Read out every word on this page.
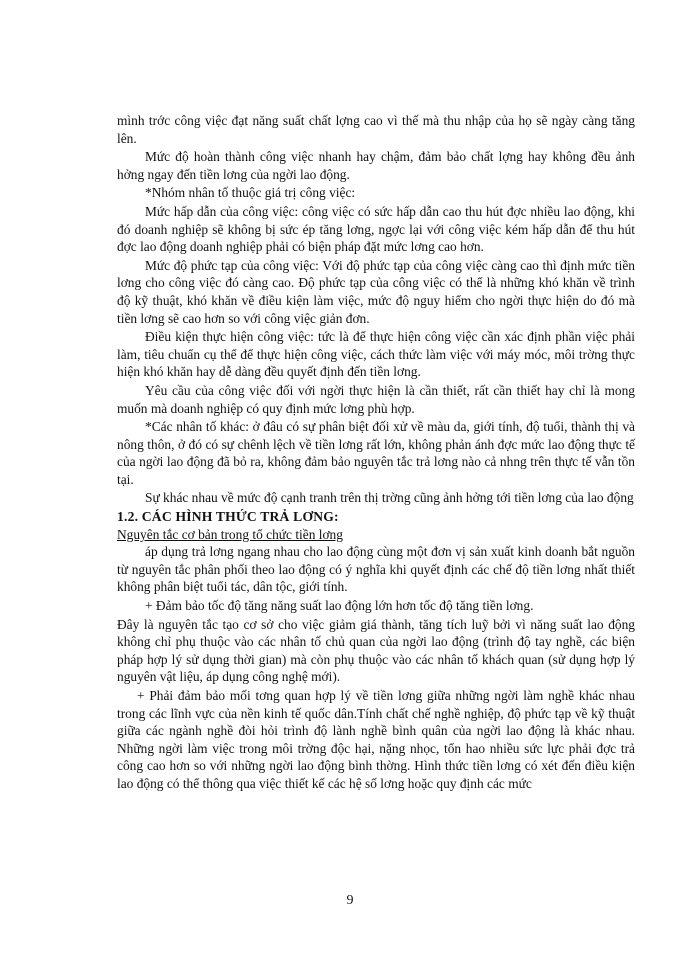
mình trớc công việc đạt năng suất chất lợng cao vì thế mà thu nhập của họ sẽ ngày càng tăng lên.

Mức độ hoàn thành công việc nhanh hay chậm, đảm bảo chất lợng hay không đều ảnh hởng ngay đến tiền lơng của ngời lao động.

*Nhóm nhân tố thuộc giá trị công việc:

Mức hấp dẫn của công việc: công việc có sức hấp dẫn cao thu hút đợc nhiều lao động, khi đó doanh nghiệp sẽ không bị sức ép tăng lơng, ngợc lại với công việc kém hấp dẫn để thu hút đợc lao động doanh nghiệp phải có biện pháp đặt mức lơng cao hơn.

Mức độ phức tạp của công việc: Với độ phức tạp của công việc càng cao thì định mức tiền lơng cho công việc đó càng cao. Độ phức tạp của công việc có thể là những khó khăn về trình độ kỹ thuật, khó khăn về điều kiện làm việc, mức độ nguy hiểm cho ngời thực hiện do đó mà tiền lơng sẽ cao hơn so với công việc giản đơn.

Điều kiện thực hiện công việc: tức là để thực hiện công việc cần xác định phần việc phải làm, tiêu chuẩn cụ thể để thực hiện công việc, cách thức làm việc với máy móc, môi trờng thực hiện khó khăn hay dễ dàng đều quyết định đến tiền lơng.

Yêu cầu của công việc đối với ngời thực hiện là cần thiết, rất cần thiết hay chỉ là mong muốn mà doanh nghiệp có quy định mức lơng phù hợp.

*Các nhân tố khác: ở đâu có sự phân biệt đối xử về màu da, giới tính, độ tuổi, thành thị và nông thôn, ở đó có sự chênh lệch về tiền lơng rất lớn, không phản ánh đợc mức lao động thực tế của ngời lao động đã bỏ ra, không đảm bảo nguyên tắc trả lơng nào cả nhng trên thực tế vẫn tồn tại.

Sự khác nhau về mức độ cạnh tranh trên thị trờng cũng ảnh hởng tới tiền lơng của lao động

1.2. CÁC HÌNH THỨC TRẢ LƠNG:
Nguyên tắc cơ bản trong tổ chức tiền lơng

áp dụng trả lơng ngang nhau cho lao động cùng một đơn vị sản xuất kinh doanh bắt nguồn từ nguyên tắc phân phối theo lao động có ý nghĩa khi quyết định các chế độ tiền lơng nhất thiết không phân biệt tuổi tác, dân tộc, giới tính.

+ Đảm bảo tốc độ tăng năng suất lao động lớn hơn tốc độ tăng tiền lơng.

Đây là nguyên tắc tạo cơ sở cho việc giảm giá thành, tăng tích luỹ bởi vì năng suất lao động không chỉ phụ thuộc vào các nhân tố chủ quan của ngời lao động (trình độ tay nghề, các biện pháp hợp lý sử dụng thời gian) mà còn phụ thuộc vào các nhân tố khách quan (sử dụng hợp lý nguyên vật liệu, áp dụng công nghệ mới).

+ Phải đảm bảo mối tơng quan hợp lý về tiền lơng giữa những ngời làm nghề khác nhau trong các lĩnh vực của nền kinh tế quốc dân.Tính chất chế nghề nghiệp, độ phức tạp về kỹ thuật giữa các ngành nghề đòi hỏi trình độ lành nghề bình quân của ngời lao động là khác nhau. Những ngời làm việc trong môi trờng độc hại, nặng nhọc, tổn hao nhiều sức lực phải đợc trả công cao hơn so với những ngời lao động bình thờng. Hình thức tiền lơng có xét đến điều kiện lao động có thể thông qua việc thiết kế các hệ số lơng hoặc quy định các mức

9
